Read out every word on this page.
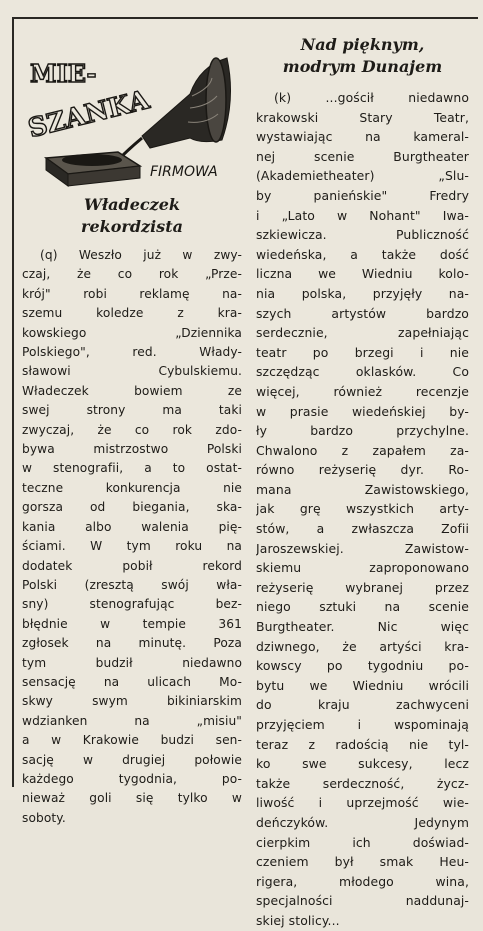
MIE-
SZANKA
FIRMOWA
Władeczek
rekordzista
(q) Weszło już w zwy-
czaj, że co rok „Prze-
krój" robi reklamę na-
szemu koledze z kra-
kowskiego „Dziennika
Polskiego", red. Włady-
sławowi Cybulskiemu.
Władeczek bowiem ze
swej strony ma taki
zwyczaj, że co rok zdo-
bywa mistrzostwo Polski
w stenografii, a to ostat-
teczne konkurencja nie
gorsza od biegania, ska-
kania albo walenia pię-
ściami. W tym roku na
dodatek pobił rekord
Polski (zresztą swój wła-
sny) stenografując bez-
błędnie w tempie 361
zgłosek na minutę. Poza
tym budził niedawno
sensację na ulicach Mo-
skwy swym bikiniarskim
wdzianken na „misiu"
a w Krakowie budzi sen-
sację w drugiej połowie
każdego tygodnia, po-
nieważ goli się tylko w
soboty.
Nad pięknym,
modrym Dunajem
(k) ...gościł niedawno
krakowski Stary Teatr,
wystawiając na kameral-
nej scenie Burgtheater
(Akademietheater) „Slu-
by panieńskie" Fredry
i „Lato w Nohant" Iwa-
szkiewicza. Publiczność
wiedeńska, a także dość
liczna we Wiedniu kolo-
nia polska, przyjęły na-
szych artystów bardzo
serdecznie, zapełniając
teatr po brzegi i nie
szczędząc oklasków. Co
więcej, również recenzje
w prasie wiedeńskiej by-
ły bardzo przychylne.
Chwalono z zapałem za-
równo reżyserię dyr. Ro-
mana Zawistowskiego,
jak grę wszystkich arty-
stów, a zwłaszcza Zofii
Jaroszewskiej. Zawistow-
skiemu zaproponowano
reżyserię wybranej przez
niego sztuki na scenie
Burgtheater. Nic więc
dziwnego, że artyści kra-
kowscy po tygodniu po-
bytu we Wiedniu wrócili
do kraju zachwyceni
przyjęciem i wspominają
teraz z radością nie tyl-
ko swe sukcesy, lecz
także serdeczność, życz-
liwość i uprzejmość wie-
deńczyków. Jedynym
cierpkim ich doświad-
czeniem był smak Heu-
rigera, młodego wina,
specjalności naddunaj-
skiej stolicy...
